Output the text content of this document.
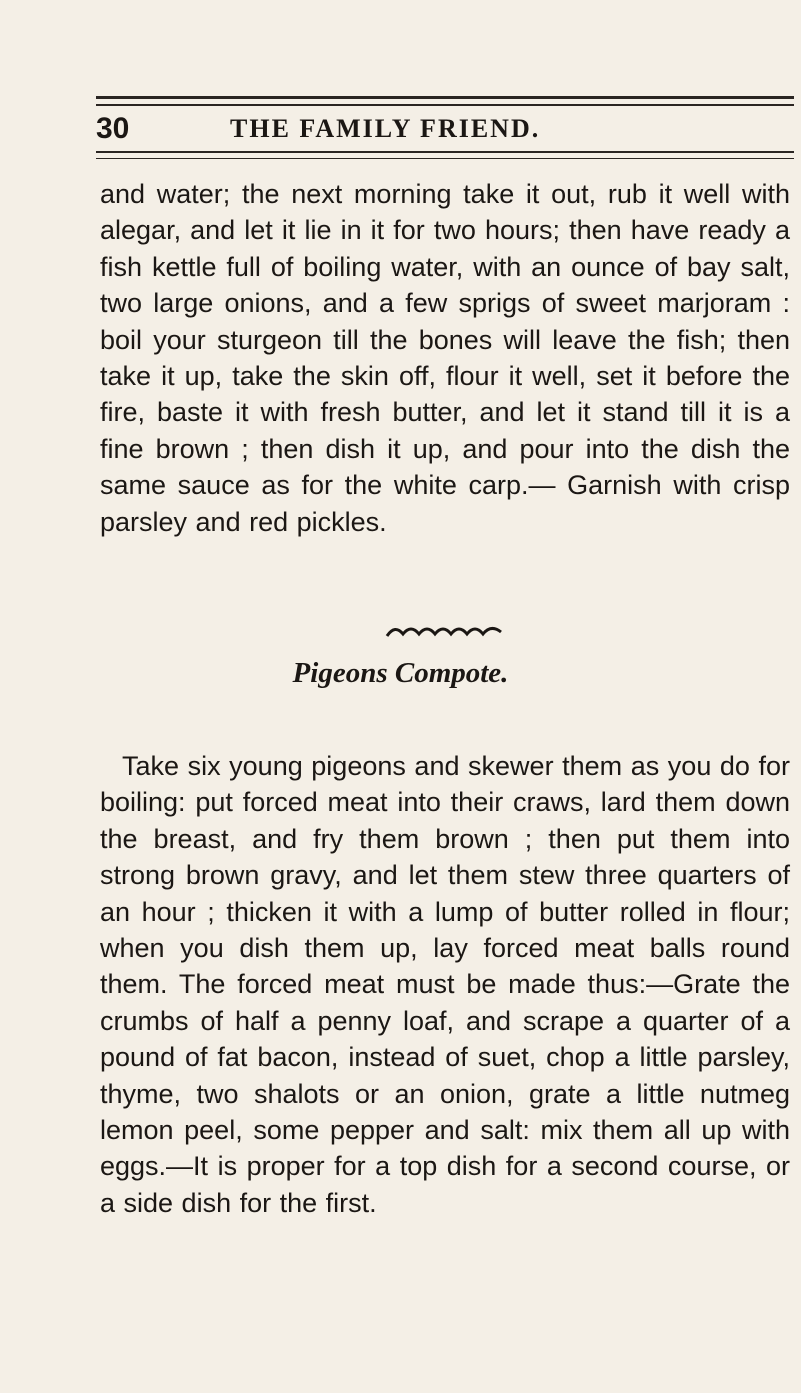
30	THE FAMILY FRIEND.
and water; the next morning take it out, rub it well with alegar, and let it lie in it for two hours; then have ready a fish kettle full of boiling water, with an ounce of bay salt, two large onions, and a few sprigs of sweet marjoram : boil your sturgeon till the bones will leave the fish; then take it up, take the skin off, flour it well, set it before the fire, baste it with fresh butter, and let it stand till it is a fine brown ; then dish it up, and pour into the dish the same sauce as for the white carp.— Garnish with crisp parsley and red pickles.
Pigeons Compote.
Take six young pigeons and skewer them as you do for boiling: put forced meat into their craws, lard them down the breast, and fry them brown ; then put them into strong brown gravy, and let them stew three quarters of an hour ; thicken it with a lump of butter rolled in flour; when you dish them up, lay forced meat balls round them. The forced meat must be made thus:—Grate the crumbs of half a penny loaf, and scrape a quarter of a pound of fat bacon, instead of suet, chop a little parsley, thyme, two shalots or an onion, grate a little nutmeg lemon peel, some pepper and salt: mix them all up with eggs.—It is proper for a top dish for a second course, or a side dish for the first.
